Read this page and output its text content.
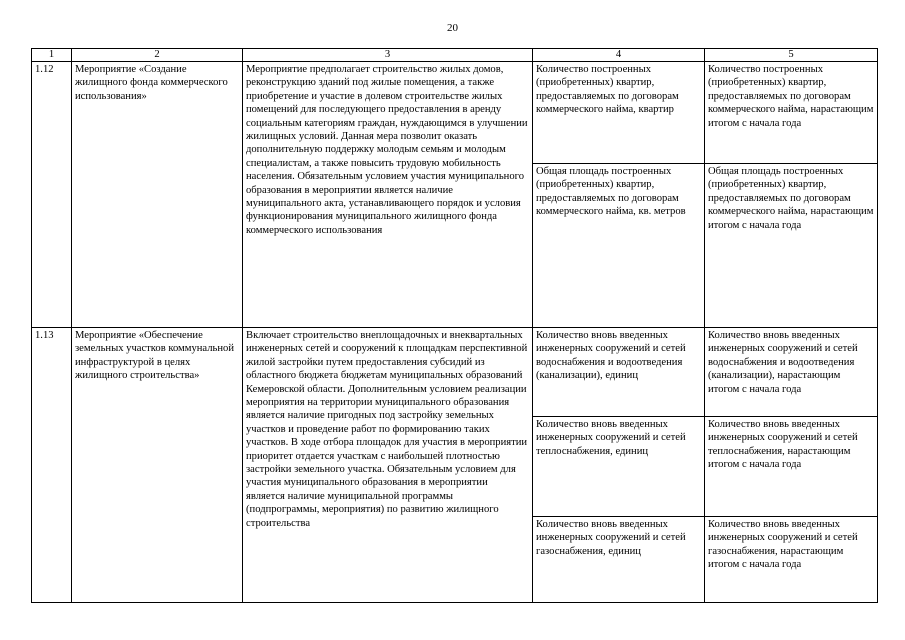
20
1	2	3	4	5
1.12	Мероприятие «Создание жилищного фонда коммерческого использования»	Мероприятие предполагает строительство жилых домов, реконструкцию зданий под жилые помещения, а также приобретение и участие в долевом строительстве жилых помещений для последующего предоставления в аренду социальным категориям граждан, нуждающимся в улучшении жилищных условий. Данная мера позволит оказать дополнительную поддержку молодым семьям и молодым специалистам, а также повысить трудовую мобильность населения. Обязательным условием участия муниципального образования в мероприятии является наличие муниципального акта, устанавливающего порядок и условия функционирования муниципального жилищного фонда коммерческого использования	Количество построенных (приобретенных) квартир, предоставляемых по договорам коммерческого найма, квартир	Количество построенных (приобретенных) квартир, предоставляемых по договорам коммерческого найма, нарастающим итогом с начала года
			Общая площадь построенных (приобретенных) квартир, предоставляемых по договорам коммерческого найма, кв. метров	Общая площадь построенных (приобретенных) квартир, предоставляемых по договорам коммерческого найма, нарастающим итогом с начала года
1.13	Мероприятие «Обеспечение земельных участков коммунальной инфраструктурой в целях жилищного строительства»	Включает строительство внеплощадочных и внеквартальных инженерных сетей и сооружений к площадкам перспективной жилой застройки путем предоставления субсидий из областного бюджета бюджетам муниципальных образований Кемеровской области. Дополнительным условием реализации мероприятия на территории муниципального образования является наличие пригодных под застройку земельных участков и проведение работ по формированию таких участков. В ходе отбора площадок для участия в мероприятии приоритет отдается участкам с наибольшей плотностью застройки земельного участка. Обязательным условием для участия муниципального образования в мероприятии является наличие муниципальной программы (подпрограммы, мероприятия) по развитию жилищного строительства	Количество вновь введенных инженерных сооружений и сетей водоснабжения и водоотведения (канализации), единиц	Количество вновь введенных инженерных сооружений и сетей водоснабжения и водоотведения (канализации), нарастающим итогом с начала года
			Количество вновь введенных инженерных сооружений и сетей теплоснабжения, единиц	Количество вновь введенных инженерных сооружений и сетей теплоснабжения, нарастающим итогом с начала года
			Количество вновь введенных инженерных сооружений и сетей газоснабжения, единиц	Количество вновь введенных инженерных сооружений и сетей газоснабжения, нарастающим итогом с начала года
